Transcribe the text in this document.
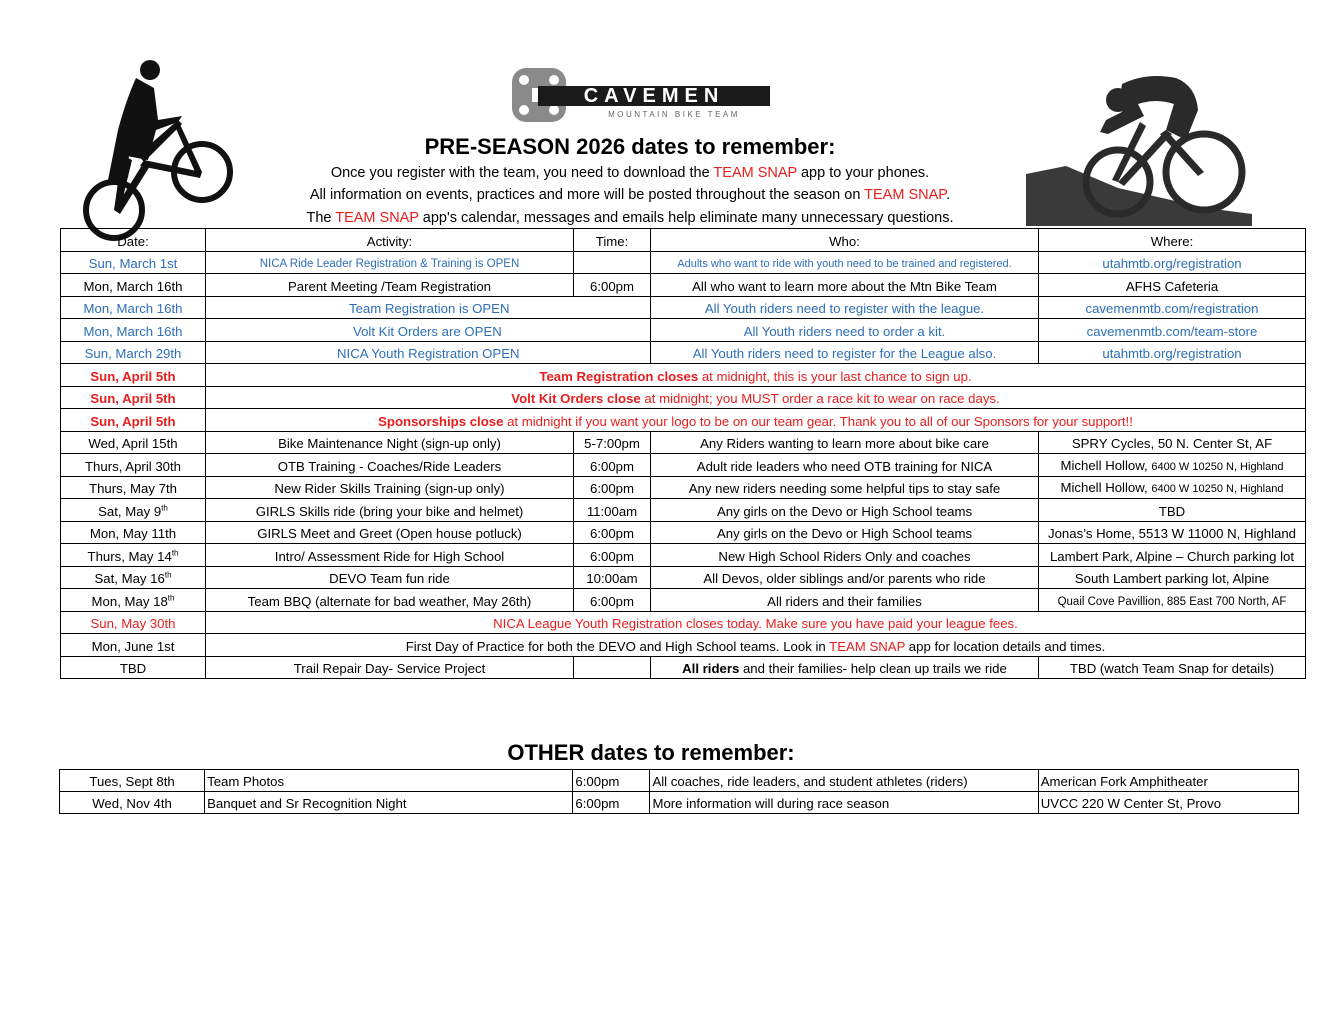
CAVEMEN
MOUNTAIN BIKE TEAM
PRE-SEASON 2026 dates to remember:
Once you register with the team, you need to download the TEAM SNAP app to your phones.
All information on events, practices and more will be posted throughout the season on TEAM SNAP.
The TEAM SNAP app's calendar, messages and emails help eliminate many unnecessary questions.
Date:	Activity:	Time:	Who:	Where:
Sun, March 1st	NICA Ride Leader Registration & Training is OPEN		Adults who want to ride with youth need to be trained and registered.	utahmtb.org/registration
Mon, March 16th	Parent Meeting /Team Registration	6:00pm	All who want to learn more about the Mtn Bike Team	AFHS Cafeteria
Mon, March 16th	Team Registration is OPEN		All Youth riders need to register with the league.	cavemenmtb.com/registration
Mon, March 16th	Volt Kit Orders are OPEN		All Youth riders need to order a kit.	cavemenmtb.com/team-store
Sun, March 29th	NICA Youth Registration OPEN		All Youth riders need to register for the League also.	utahmtb.org/registration
Sun, April 5th	Team Registration closes at midnight, this is your last chance to sign up.			
Sun, April 5th	Volt Kit Orders close at midnight; you MUST order a race kit to wear on race days.			
Sun, April 5th	Sponsorships close at midnight if you want your logo to be on our team gear. Thank you to all of our Sponsors for your support!!			
Wed, April 15th	Bike Maintenance Night (sign-up only)	5-7:00pm	Any Riders wanting to learn more about bike care	SPRY Cycles, 50 N. Center St, AF
Thurs, April 30th	OTB Training - Coaches/Ride Leaders	6:00pm	Adult ride leaders who need OTB training for NICA	Michell Hollow, 6400 W 10250 N, Highland
Thurs, May 7th	New Rider Skills Training (sign-up only)	6:00pm	Any new riders needing some helpful tips to stay safe	Michell Hollow, 6400 W 10250 N, Highland
Sat, May 9th	GIRLS Skills ride (bring your bike and helmet)	11:00am	Any girls on the Devo or High School teams	TBD
Mon, May 11th	GIRLS Meet and Greet (Open house potluck)	6:00pm	Any girls on the Devo or High School teams	Jonas’s Home, 5513 W 11000 N, Highland
Thurs, May 14th	Intro/ Assessment Ride for High School	6:00pm	New High School Riders Only and coaches	Lambert Park, Alpine – Church parking lot
Sat, May 16th	DEVO Team fun ride	10:00am	All Devos, older siblings and/or parents who ride	South Lambert parking lot, Alpine
Mon, May 18th	Team BBQ (alternate for bad weather, May 26th)	6:00pm	All riders and their families	Quail Cove Pavillion, 885 East 700 North, AF
Sun, May 30th	NICA League Youth Registration closes today. Make sure you have paid your league fees.			
Mon, June 1st	First Day of Practice for both the DEVO and High School teams. Look in TEAM SNAP app for location details and times.			
TBD	Trail Repair Day- Service Project		All riders and their families- help clean up trails we ride	TBD (watch Team Snap for details)
OTHER dates to remember:
Tues, Sept 8th	Team Photos	6:00pm	All coaches, ride leaders, and student athletes (riders)	American Fork Amphitheater
Wed, Nov 4th	Banquet and Sr Recognition Night	6:00pm	More information will during race season	UVCC 220 W Center St, Provo
